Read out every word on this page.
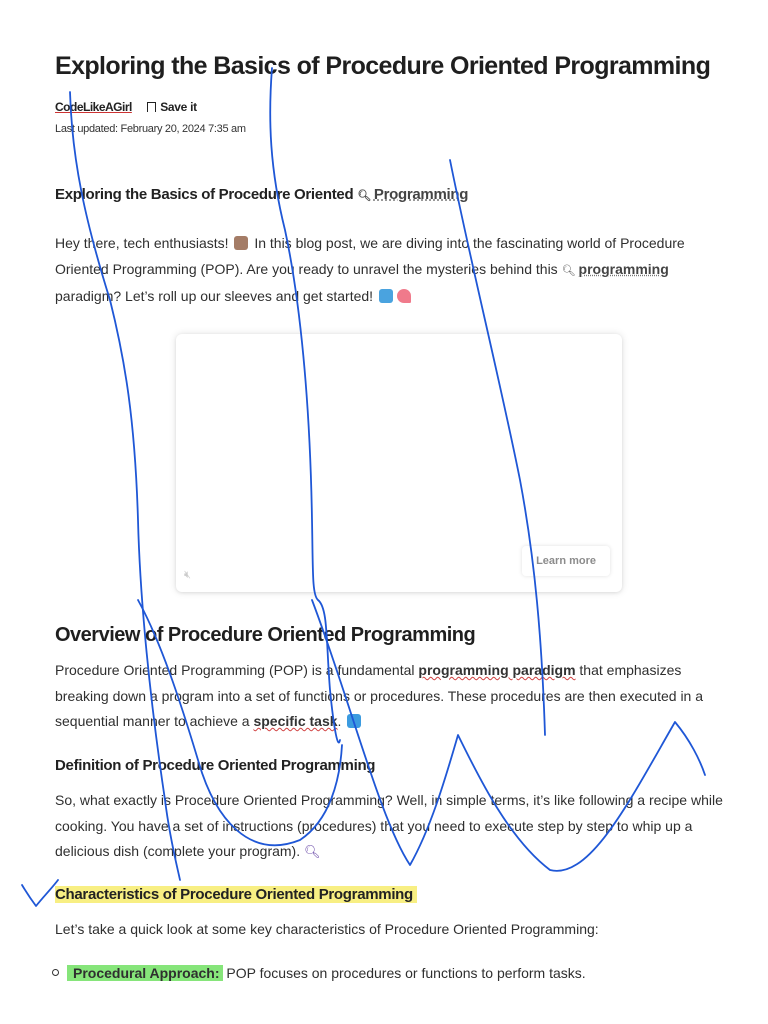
Exploring the Basics of Procedure Oriented Programming
CodeLikeAGirl Save it
Last updated: February 20, 2024 7:35 am
Exploring the Basics of Procedure Oriented 🔍︎ Programming

Hey there, tech enthusiasts!  In this blog post, we are diving into the fascinating world of Procedure Oriented Programming (POP). Are you ready to unravel the mysteries behind this 🔍︎ programming paradigm? Let’s roll up our sleeves and get started!

🔇︎
Learn more
Overview of Procedure Oriented Programming

Procedure Oriented Programming (POP) is a fundamental programming paradigm that emphasizes breaking down a program into a set of functions or procedures. These procedures are then executed in a sequential manner to achieve a specific task.

Definition of Procedure Oriented Programming

So, what exactly is Procedure Oriented Programming? Well, in simple terms, it’s like following a recipe while cooking. You have a set of instructions (procedures) that you need to execute step by step to whip up a delicious dish (complete your program). 🔍︎

Characteristics of Procedure Oriented Programming

Let’s take a quick look at some key characteristics of Procedure Oriented Programming:

Procedural Approach: POP focuses on procedures or functions to perform tasks.
